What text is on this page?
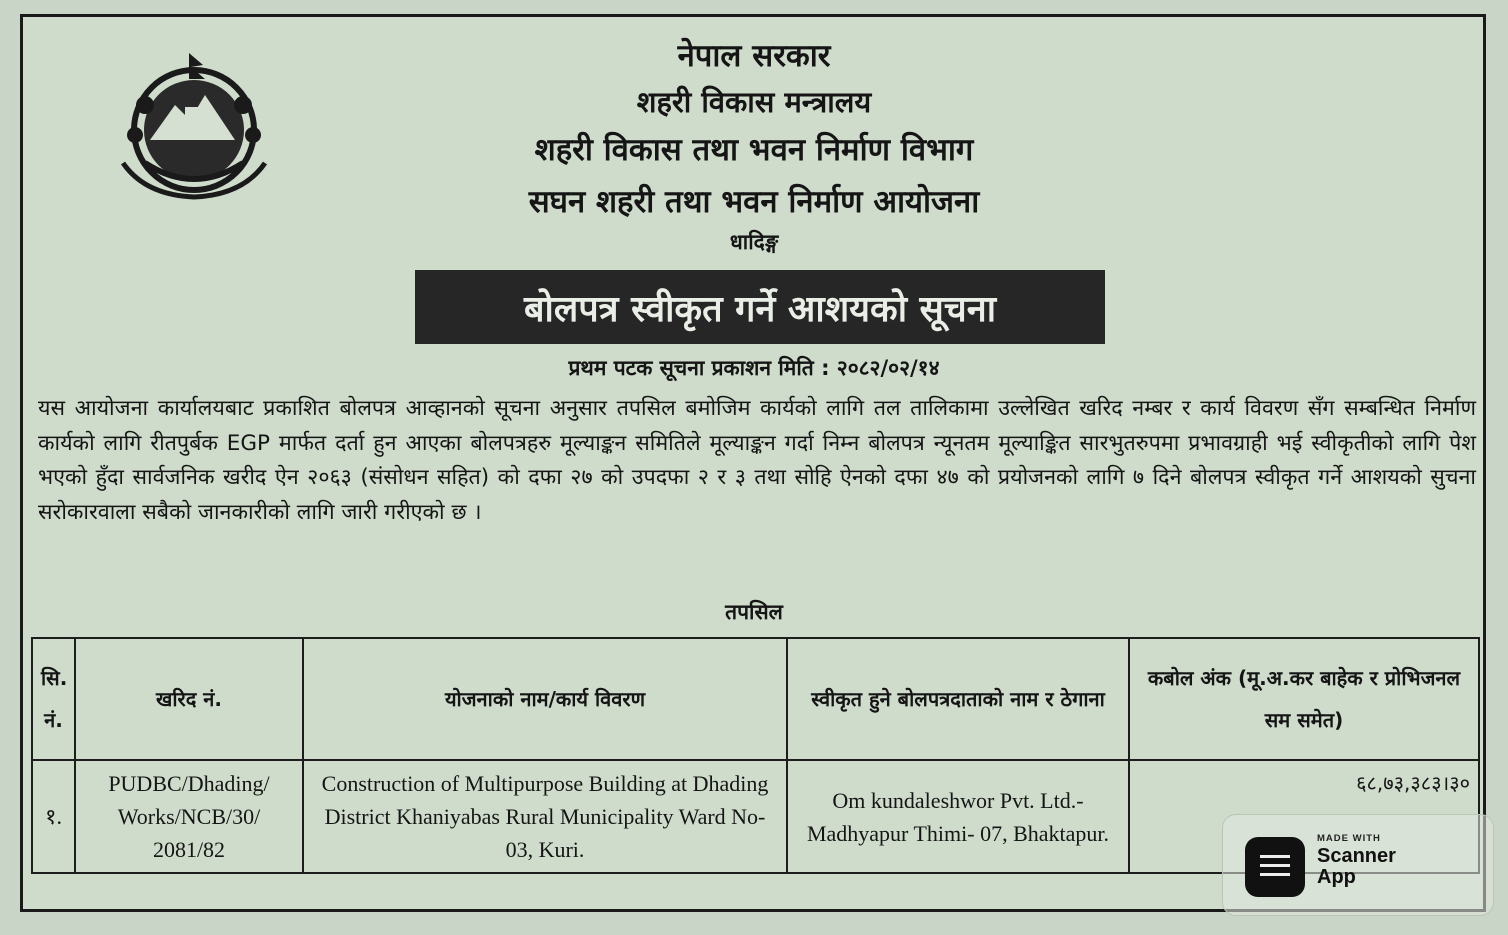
नेपाल सरकार
शहरी विकास मन्त्रालय
शहरी विकास तथा भवन निर्माण विभाग
सघन शहरी तथा भवन निर्माण आयोजना
धादिङ्ग
बोलपत्र स्वीकृत गर्ने आशयको सूचना
प्रथम पटक सूचना प्रकाशन मिति : २०८२/०२/१४

यस आयोजना कार्यालयबाट प्रकाशित बोलपत्र आव्हानको सूचना अनुसार तपसिल बमोजिम कार्यको लागि तल तालिकामा उल्लेखित खरिद नम्बर र कार्य विवरण सँग सम्बन्धित निर्माण कार्यको लागि रीतपुर्बक EGP मार्फत दर्ता हुन आएका बोलपत्रहरु मूल्याङ्कन समितिले मूल्याङ्कन गर्दा निम्न बोलपत्र न्यूनतम मूल्याङ्कित सारभुतरुपमा प्रभावग्राही भई स्वीकृतीको लागि पेश भएको हुँदा सार्वजनिक खरीद ऐन २०६३ (संसोधन सहित) को दफा २७ को उपदफा २ र ३ तथा सोहि ऐनको दफा ४७ को प्रयोजनको लागि ७ दिने बोलपत्र स्वीकृत गर्ने आशयको सुचना सरोकारवाला सबैको जानकारीको लागि जारी गरीएको छ ।

तपसिल
सि. नं.	खरिद नं.	योजनाको नाम/कार्य विवरण	स्वीकृत हुने बोलपत्रदाताको नाम र ठेगाना	कबोल अंक (मू.अ.कर बाहेक र प्रोभिजनल सम समेत)
१.	PUDBC/Dhading/ Works/NCB/30/ 2081/82	Construction of Multipurpose Building at Dhading District Khaniyabas Rural Municipality Ward No-03, Kuri.	Om kundaleshwor Pvt. Ltd.- Madhyapur Thimi- 07, Bhaktapur.	६८,७३,३८३।३०
MADE WITH
Scanner
App
